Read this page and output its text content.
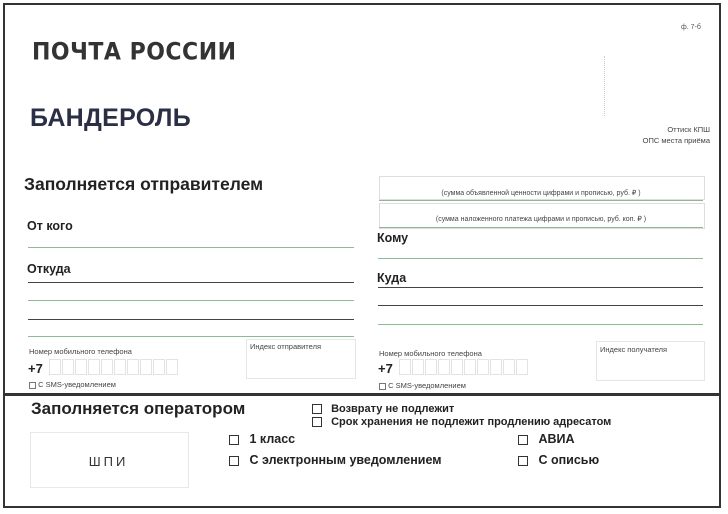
ПОЧТА РОССИИ
ф. 7-б
БАНДЕРОЛЬ	Оттиск КПШ
ОПС места приёма
Заполняется отправителем
От кого
Откуда
Номер мобильного телефона
+7
С SMS-уведомлением
Индекс отправителя
(сумма объявленной ценности цифрами и прописью, руб. ₽ )
(сумма наложенного платежа цифрами и прописью, руб. коп. ₽ )
Кому
Куда
Номер мобильного телефона
+7
С SMS-уведомлением
Индекс получателя
Заполняется оператором	Возврату не подлежит
Срок хранения не подлежит продлению адресатом
1 класс	АВИА
С электронным уведомлением	С описью
ШПИ
